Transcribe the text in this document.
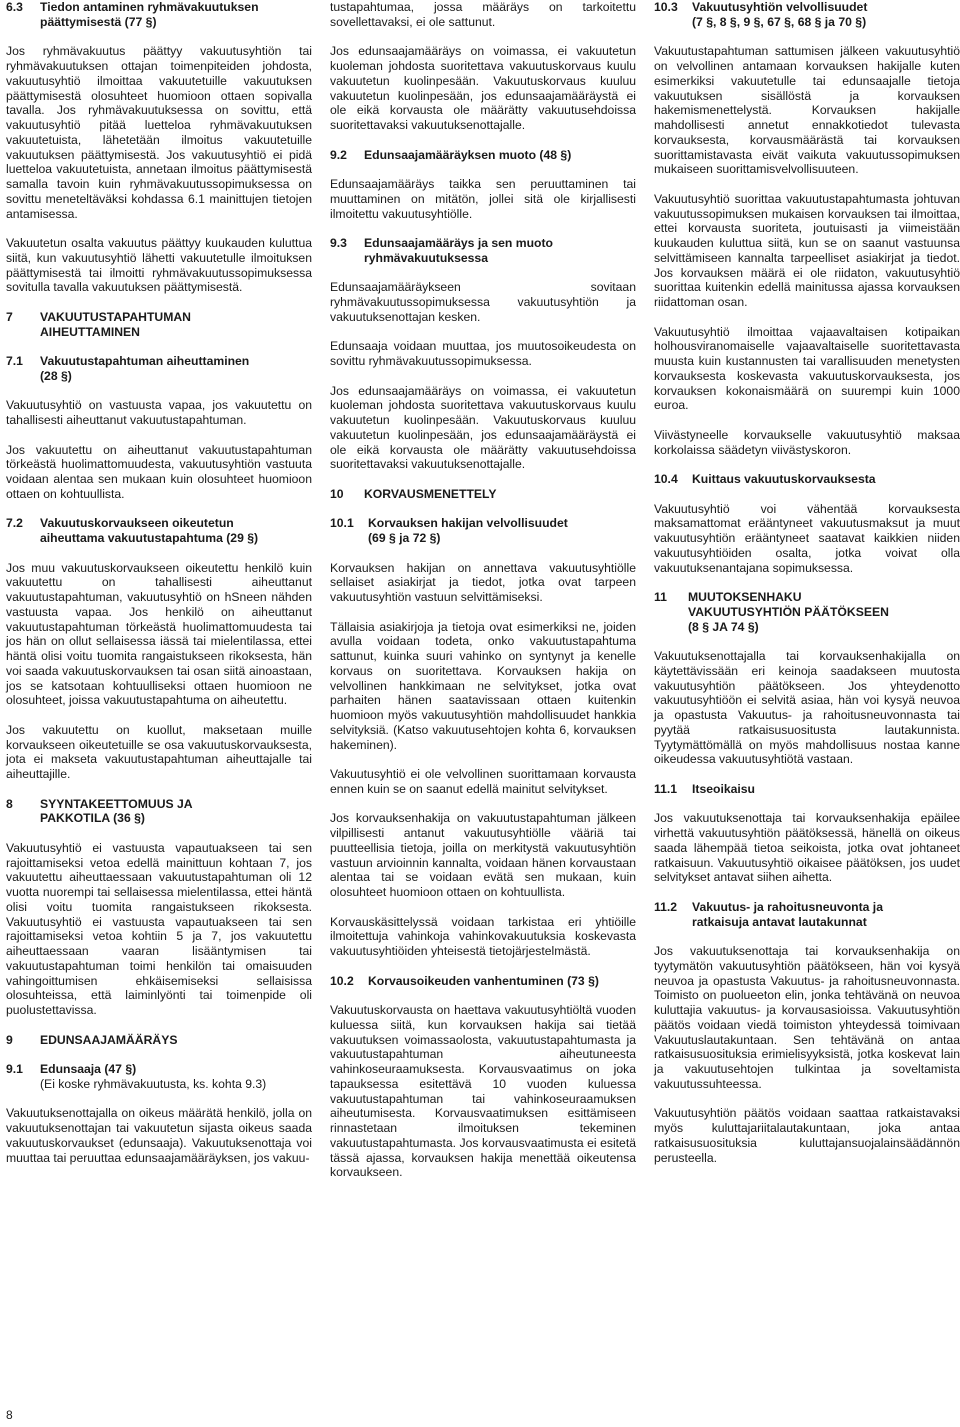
6.3	Tiedon antaminen ryhmävakuutuksen
päättymisestä (77 §)

Jos ryhmävakuutus päättyy vakuutusyhtiön tai ryhmävakuutuksen ottajan toimenpiteiden johdosta, vakuutusyhtiö ilmoittaa vakuutetuille vakuutuksen päättymisestä olosuhteet huomioon ottaen sopivalla tavalla. Jos ryhmävakuutuksessa on sovittu, että vakuutusyhtiö pitää luetteloa ryhmävakuutuksen vakuutetuista, lähetetään ilmoitus vakuutetuille vakuutuksen päättymisestä. Jos vakuutusyhtiö ei pidä luetteloa vakuutetuista, annetaan ilmoitus päättymisestä samalla tavoin kuin ryhmävakuutussopimuksessa on sovittu meneteltäväksi kohdassa 6.1 mainittujen tietojen antamisessa.

Vakuutetun osalta vakuutus päättyy kuukauden kuluttua siitä, kun vakuutusyhtiö lähetti vakuutetulle ilmoituksen päättymisestä tai ilmoitti ryhmävakuutussopimuksessa sovitulla tavalla vakuutuksen päättymisestä.

7	VAKUUTUSTAPAHTUMAN
AIHEUTTAMINEN
7.1	Vakuutustapahtuman aiheuttaminen
(28 §)

Vakuutusyhtiö on vastuusta vapaa, jos vakuutettu on tahallisesti aiheuttanut vakuutustapahtuman.

Jos vakuutettu on aiheuttanut vakuutustapahtuman törkeästä huolimattomuudesta, vakuutusyhtiön vastuuta voidaan alentaa sen mukaan kuin olosuhteet huomioon ottaen on kohtuullista.

7.2	Vakuutuskorvaukseen oikeutetun
aiheuttama vakuutustapahtuma (29 §)

Jos muu vakuutuskorvaukseen oikeutettu henkilö kuin vakuutettu on tahallisesti aiheuttanut vakuutustapahtuman, vakuutusyhtiö on hSneen nähden vastuusta vapaa. Jos henkilö on aiheuttanut vakuutustapahtuman törkeästä huolimattomuudesta tai jos hän on ollut sellaisessa iässä tai mielentilassa, ettei häntä olisi voitu tuomita rangaistukseen rikoksesta, hän voi saada vakuutuskorvauksen tai osan siitä ainoastaan, jos se katsotaan kohtuulliseksi ottaen huomioon ne olosuhteet, joissa vakuutustapahtuma on aiheutettu.

Jos vakuutettu on kuollut, maksetaan muille korvaukseen oikeutetuille se osa vakuutuskorvauksesta, jota ei makseta vakuutustapahtuman aiheuttajalle tai aiheuttajille.

8	SYYNTAKEETTOMUUS JA
PAKKOTILA (36 §)

Vakuutusyhtiö ei vastuusta vapautuakseen tai sen rajoittamiseksi vetoa edellä mainittuun kohtaan 7, jos vakuutettu aiheuttaessaan vakuutustapahtuman oli 12 vuotta nuorempi tai sellaisessa mielentilassa, ettei häntä olisi voitu tuomita rangaistukseen rikoksesta. Vakuutusyhtiö ei vastuusta vapautuakseen tai sen rajoittamiseksi vetoa kohtiin 5 ja 7, jos vakuutettu aiheuttaessaan vaaran lisääntymisen tai vakuutustapahtuman toimi henkilön tai omaisuuden vahingoittumisen ehkäisemiseksi sellaisissa olosuhteissa, että laiminlyönti tai toimenpide oli puolustettavissa.

9	EDUNSAAJAMÄÄRÄYS
9.1	Edunsaaja (47 §)
(Ei koske ryhmävakuutusta, ks. kohta 9.3)

Vakuutuksenottajalla on oikeus määrätä henkilö, jolla on vakuutuksenottajan tai vakuutetun sijasta oikeus saada vakuutuskorvaukset (edunsaaja). Vakuutuksenottaja voi muuttaa tai peruuttaa edunsaajamääräyksen, jos vakuu-

tustapahtumaa, jossa määräys on tarkoitettu sovellettavaksi, ei ole sattunut.

Jos edunsaajamääräys on voimassa, ei vakuutetun kuoleman johdosta suoritettava vakuutuskorvaus kuulu vakuutetun kuolinpesään. Vakuutuskorvaus kuuluu vakuutetun kuolinpesään, jos edunsaajamääräystä ei ole eikä korvausta ole määrätty vakuutusehdoissa suoritettavaksi vakuutuksenottajalle.

9.2	Edunsaajamääräyksen muoto (48 §)

Edunsaajamääräys taikka sen peruuttaminen tai muuttaminen on mitätön, jollei sitä ole kirjallisesti ilmoitettu vakuutusyhtiölle.

9.3	Edunsaajamääräys ja sen muoto
ryhmävakuutuksessa

Edunsaajamääräykseen sovitaan ryhmävakuutussopimuksessa vakuutusyhtiön ja vakuutuksenottajan kesken.

Edunsaaja voidaan muuttaa, jos muutosoikeudesta on sovittu ryhmävakuutussopimuksessa.

Jos edunsaajamääräys on voimassa, ei vakuutetun kuoleman johdosta suoritettava vakuutuskorvaus kuulu vakuutetun kuolinpesään. Vakuutuskorvaus kuuluu vakuutetun kuolinpesään, jos edunsaajamääräystä ei ole eikä korvausta ole määrätty vakuutusehdoissa suoritettavaksi vakuutuksenottajalle.

10	KORVAUSMENETTELY
10.1	Korvauksen hakijan velvollisuudet
(69 § ja 72 §)

Korvauksen hakijan on annettava vakuutusyhtiölle sellaiset asiakirjat ja tiedot, jotka ovat tarpeen vakuutusyhtiön vastuun selvittämiseksi.

Tällaisia asiakirjoja ja tietoja ovat esimerkiksi ne, joiden avulla voidaan todeta, onko vakuutustapahtuma sattunut, kuinka suuri vahinko on syntynyt ja kenelle korvaus on suoritettava. Korvauksen hakija on velvollinen hankkimaan ne selvitykset, jotka ovat parhaiten hänen saatavissaan ottaen kuitenkin huomioon myös vakuutusyhtiön mahdollisuudet hankkia selvityksiä. (Katso vakuutusehtojen kohta 6, korvauksen hakeminen).

Vakuutusyhtiö ei ole velvollinen suorittamaan korvausta ennen kuin se on saanut edellä mainitut selvitykset.

Jos korvauksenhakija on vakuutustapahtuman jälkeen vilpillisesti antanut vakuutusyhtiölle vääriä tai puutteellisia tietoja, joilla on merkitystä vakuutusyhtiön vastuun arvioinnin kannalta, voidaan hänen korvaustaan alentaa tai se voidaan evätä sen mukaan, kuin olosuhteet huomioon ottaen on kohtuullista.

Korvauskäsittelyssä voidaan tarkistaa eri yhtiöille ilmoitettuja vahinkoja vahinkovakuutuksia koskevasta vakuutusyhtiöiden yhteisestä tietojärjestelmästä.

10.2	Korvausoikeuden vanhentuminen (73 §)

Vakuutuskorvausta on haettava vakuutusyhtiöltä vuoden kuluessa siitä, kun korvauksen hakija sai tietää vakuutuksen voimassaolosta, vakuutustapahtumasta ja vakuutustapahtuman aiheutuneesta vahinkoseuraamuksesta. Korvausvaatimus on joka tapauksessa esitettävä 10 vuoden kuluessa vakuutustapahtuman tai vahinkoseuraamuksen aiheutumisesta. Korvausvaatimuksen esittämiseen rinnastetaan ilmoituksen tekeminen vakuutustapahtumasta. Jos korvausvaatimusta ei esitetä tässä ajassa, korvauksen hakija menettää oikeutensa korvaukseen.

10.3	Vakuutusyhtiön velvollisuudet
(7 §, 8 §, 9 §, 67 §, 68 § ja 70 §)

Vakuutustapahtuman sattumisen jälkeen vakuutusyhtiö on velvollinen antamaan korvauksen hakijalle kuten esimerkiksi vakuutetulle tai edunsaajalle tietoja vakuutuksen sisällöstä ja korvauksen hakemismenettelystä. Korvauksen hakijalle mahdollisesti annetut ennakkotiedot tulevasta korvauksesta, korvausmäärästä tai korvauksen suorittamistavasta eivät vaikuta vakuutussopimuksen mukaiseen suorittamisvelvollisuuteen.

Vakuutusyhtiö suorittaa vakuutustapahtumasta johtuvan vakuutussopimuksen mukaisen korvauksen tai ilmoittaa, ettei korvausta suoriteta, joutuisasti ja viimeistään kuukauden kuluttua siitä, kun se on saanut vastuunsa selvittämiseen kannalta tarpeelliset asiakirjat ja tiedot. Jos korvauksen määrä ei ole riidaton, vakuutusyhtiö suorittaa kuitenkin edellä mainitussa ajassa korvauksen riidattoman osan.

Vakuutusyhtiö ilmoittaa vajaavaltaisen kotipaikan holhousviranomaiselle vajaavaltaiselle suoritettavasta muusta kuin kustannusten tai varallisuuden menetysten korvauksesta koskevasta vakuutuskorvauksesta, jos korvauksen kokonaismäärä on suurempi kuin 1000 euroa.

Viivästyneelle korvaukselle vakuutusyhtiö maksaa korkolaissa säädetyn viivästyskoron.

10.4	Kuittaus vakuutuskorvauksesta

Vakuutusyhtiö voi vähentää korvauksesta maksamattomat erääntyneet vakuutusmaksut ja muut vakuutusyhtiön erääntyneet saatavat kaikkien niiden vakuutusyhtiöiden osalta, jotka voivat olla vakuutuksenantajana sopimuksessa.

11	MUUTOKSENHAKU
VAKUUTUSYHTIÖN PÄÄTÖKSEEN
(8 § JA 74 §)

Vakuutuksenottajalla tai korvauksenhakijalla on käytettävissään eri keinoja saadakseen muutosta vakuutusyhtiön päätökseen. Jos yhteydenotto vakuutusyhtiöön ei selvitä asiaa, hän voi kysyä neuvoa ja opastusta Vakuutus- ja rahoitusneuvonnasta tai pyytää ratkaisusuositusta lautakunnista. Tyytymättömällä on myös mahdollisuus nostaa kanne oikeudessa vakuutusyhtiötä vastaan.

11.1	Itseoikaisu

Jos vakuutuksenottaja tai korvauksenhakija epäilee virhettä vakuutusyhtiön päätöksessä, hänellä on oikeus saada lähempää tietoa seikoista, jotka ovat johtaneet ratkaisuun. Vakuutusyhtiö oikaisee päätöksen, jos uudet selvitykset antavat siihen aihetta.

11.2	Vakuutus- ja rahoitusneuvonta ja
ratkaisuja antavat lautakunnat

Jos vakuutuksenottaja tai korvauksenhakija on tyytymätön vakuutusyhtiön päätökseen, hän voi kysyä neuvoa ja opastusta Vakuutus- ja rahoitusneuvonnasta. Toimisto on puolueeton elin, jonka tehtävänä on neuvoa kuluttajia vakuutus- ja korvausasioissa. Vakuutusyhtiön päätös voidaan viedä toimiston yhteydessä toimivaan Vakuutuslautakuntaan. Sen tehtävänä on antaa ratkaisusuosituksia erimielisyyksistä, jotka koskevat lain ja vakuutusehtojen tulkintaa ja soveltamista vakuutussuhteessa.

Vakuutusyhtiön päätös voidaan saattaa ratkaistavaksi myös kuluttajariitalautakuntaan, joka antaa ratkaisusuosituksia kuluttajansuojalainsäädännön perusteella.

8
